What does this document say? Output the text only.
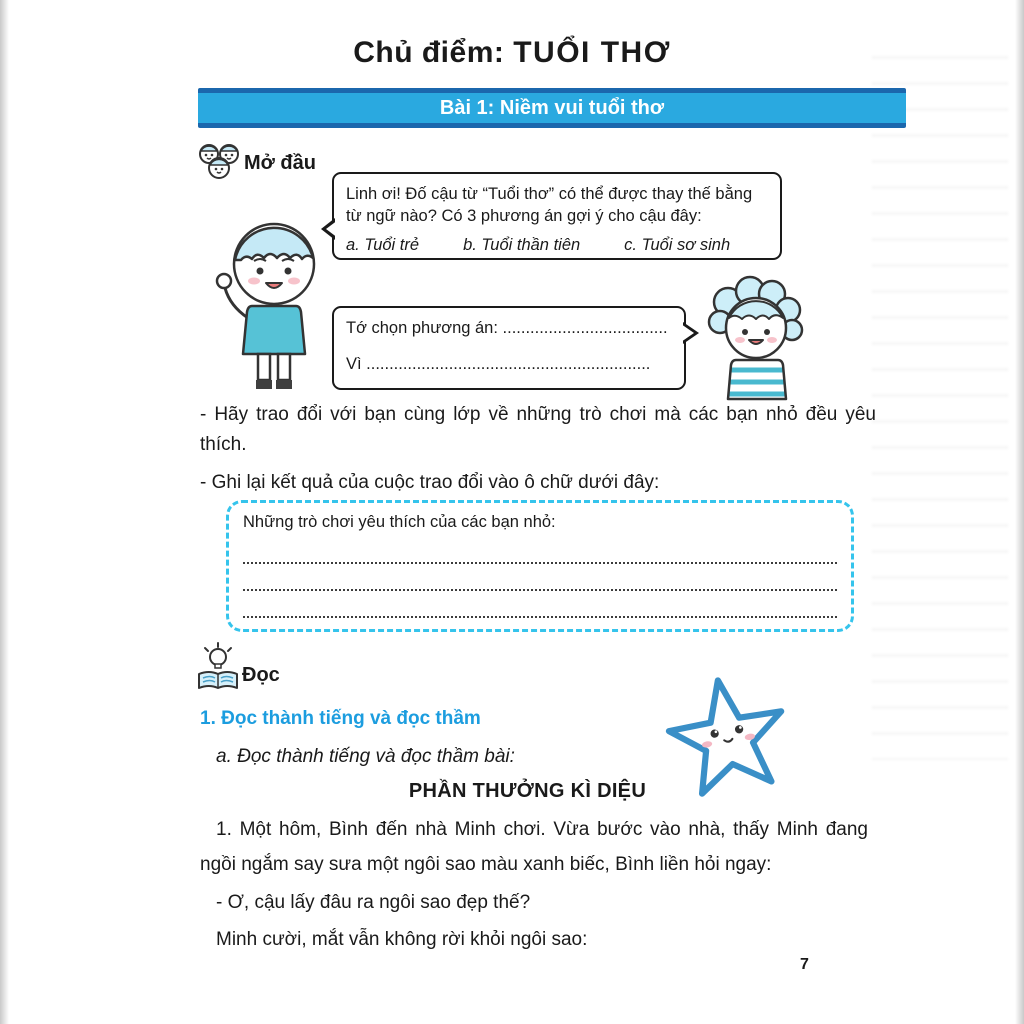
Chủ điểm: TUỔI THƠ
Bài 1: Niềm vui tuổi thơ
Mở đầu
Linh ơi! Đố cậu từ “Tuổi thơ” có thể được thay thế bằng
từ ngữ nào? Có 3 phương án gợi ý cho cậu đây:
a. Tuổi trẻ	b. Tuổi thần tiên	c. Tuổi sơ sinh
Tớ chọn phương án: ....................................
Vì ..............................................................
- Hãy trao đổi với bạn cùng lớp về những trò chơi mà các bạn nhỏ đều yêu thích.
- Ghi lại kết quả của cuộc trao đổi vào ô chữ dưới đây:
Những trò chơi yêu thích của các bạn nhỏ:
Đọc
1. Đọc thành tiếng và đọc thầm
a. Đọc thành tiếng và đọc thầm bài:
PHẦN THƯỞNG KÌ DIỆU
1. Một hôm, Bình đến nhà Minh chơi. Vừa bước vào nhà, thấy Minh đang ngồi ngắm say sưa một ngôi sao màu xanh biếc, Bình liền hỏi ngay:
- Ơ, cậu lấy đâu ra ngôi sao đẹp thế?
Minh cười, mắt vẫn không rời khỏi ngôi sao:
7
